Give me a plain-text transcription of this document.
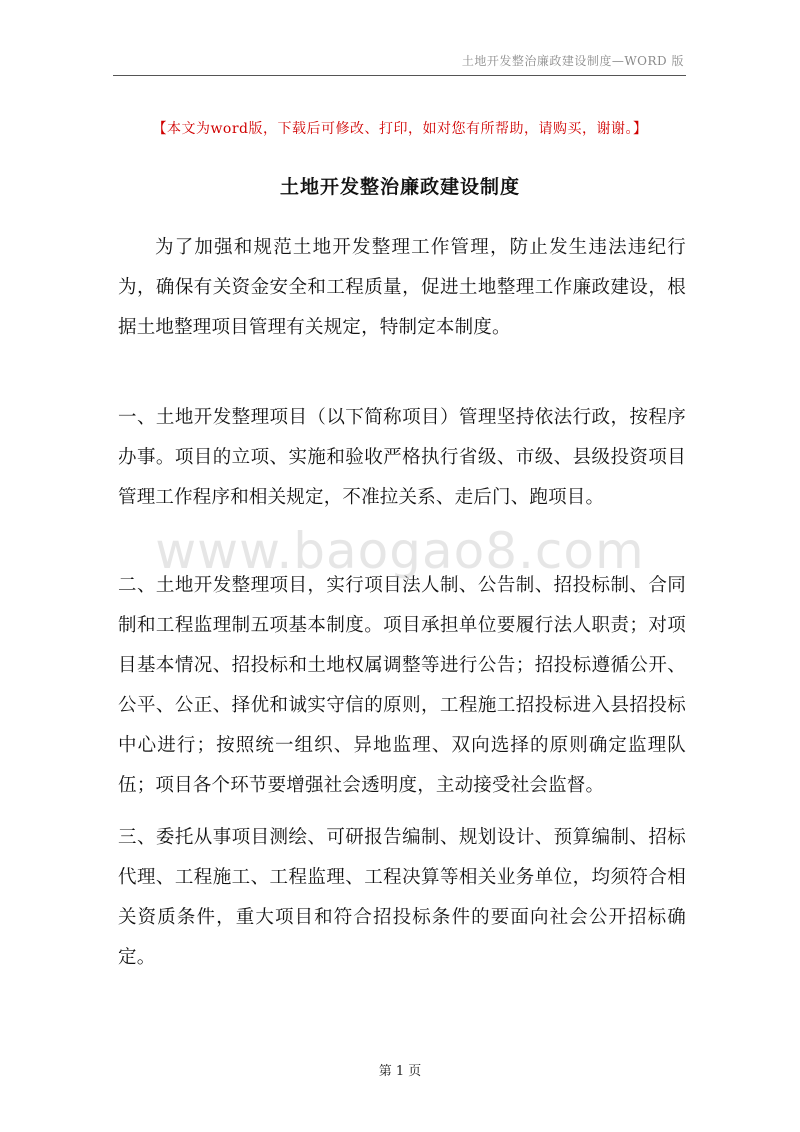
土地开发整治廉政建设制度—WORD 版
【本文为word版，下载后可修改、打印，如对您有所帮助，请购买，谢谢。】
土地开发整治廉政建设制度

为了加强和规范土地开发整理工作管理，防止发生违法违纪行为，确保有关资金安全和工程质量，促进土地整理工作廉政建设，根据土地整理项目管理有关规定，特制定本制度。

一、土地开发整理项目（以下简称项目）管理坚持依法行政，按程序办事。项目的立项、实施和验收严格执行省级、市级、县级投资项目管理工作程序和相关规定，不准拉关系、走后门、跑项目。

二、土地开发整理项目，实行项目法人制、公告制、招投标制、合同制和工程监理制五项基本制度。项目承担单位要履行法人职责；对项目基本情况、招投标和土地权属调整等进行公告；招投标遵循公开、公平、公正、择优和诚实守信的原则，工程施工招投标进入县招投标中心进行；按照统一组织、异地监理、双向选择的原则确定监理队伍；项目各个环节要增强社会透明度，主动接受社会监督。

三、委托从事项目测绘、可研报告编制、规划设计、预算编制、招标代理、工程施工、工程监理、工程决算等相关业务单位，均须符合相关资质条件，重大项目和符合招投标条件的要面向社会公开招标确定。

www.baogao8.com
第 1 页
